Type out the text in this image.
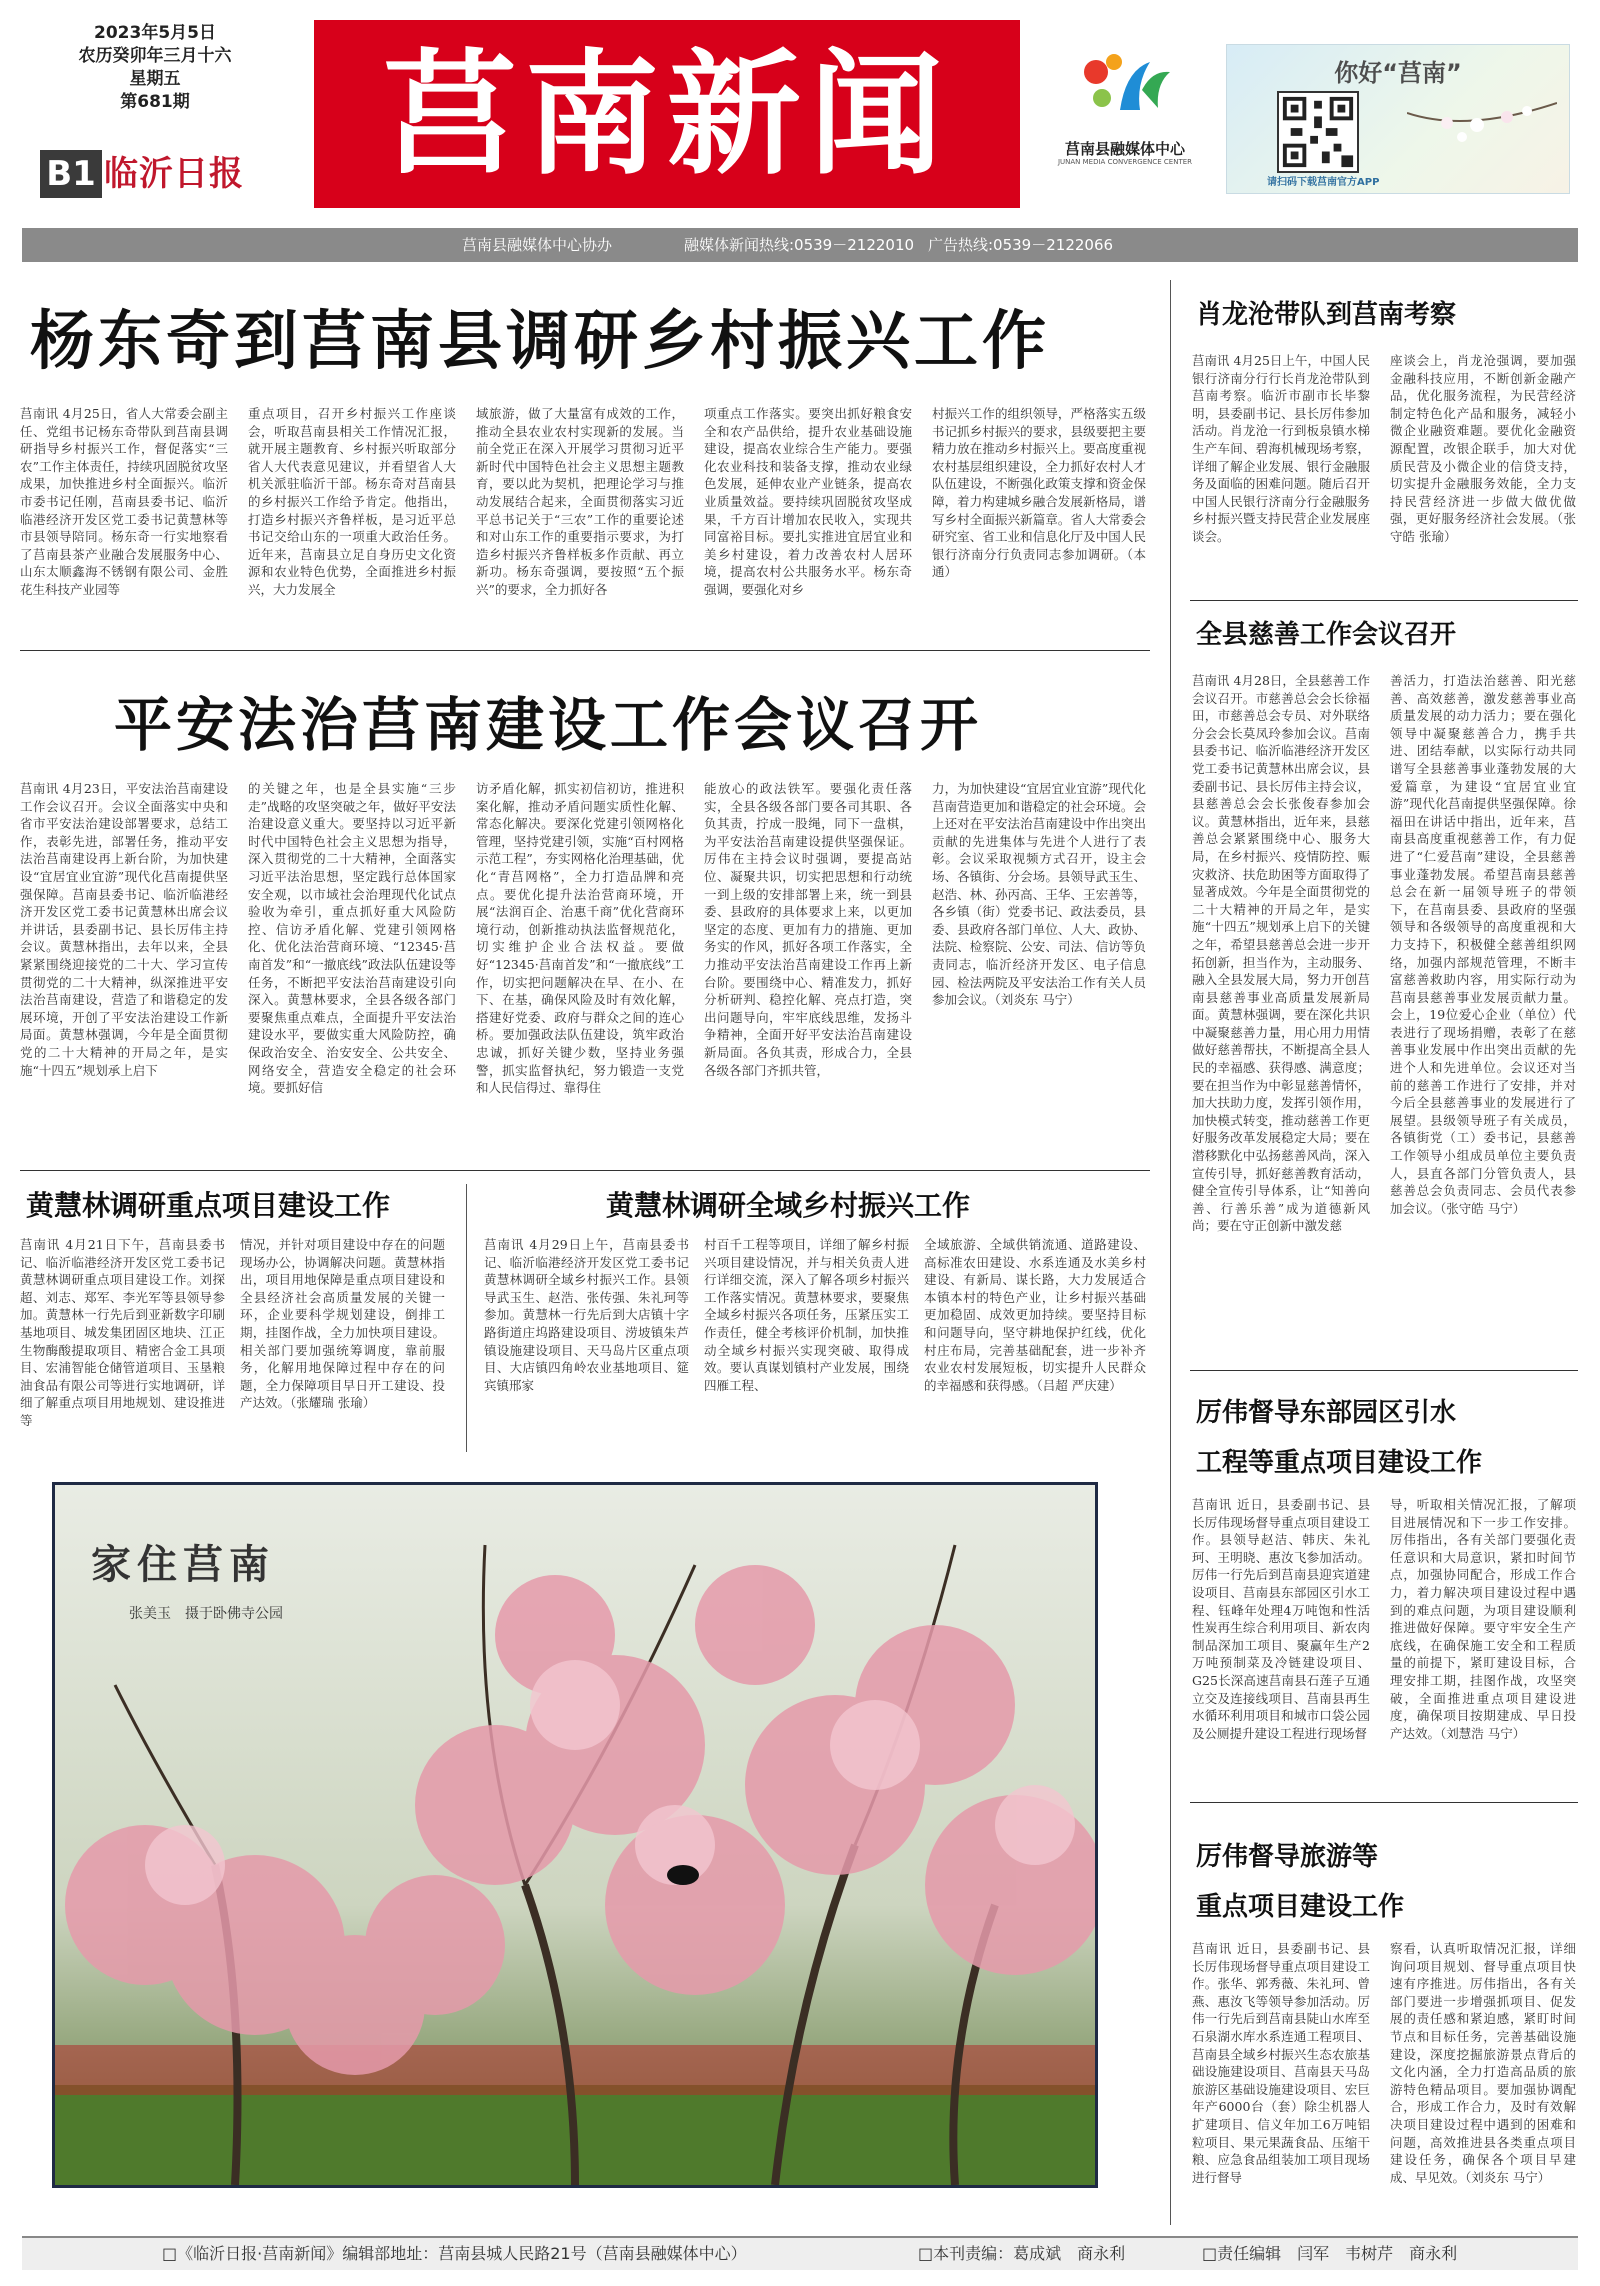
2023年5月5日
农历癸卯年三月十六
星期五
第681期
B1 临沂日报	莒南新闻	莒南县融媒体中心
JUNAN MEDIA CONVERGENCE CENTER
你好“莒南”
请扫码下载莒南官方APP
莒南县融媒体中心协办	融媒体新闻热线:0539－2122010 广告热线:0539－2122066
杨东奇到莒南县调研乡村振兴工作
莒南讯 4月25日，省人大常委会副主任、党组书记杨东奇带队到莒南县调研指导乡村振兴工作，督促落实“三农”工作主体责任，持续巩固脱贫攻坚成果，加快推进乡村全面振兴。临沂市委书记任刚，莒南县委书记、临沂临港经济开发区党工委书记黄慧林等市县领导陪同。杨东奇一行实地察看了莒南县茶产业融合发展服务中心、山东太顺鑫海不锈钢有限公司、金胜花生科技产业园等
重点项目，召开乡村振兴工作座谈会，听取莒南县相关工作情况汇报，就开展主题教育、乡村振兴听取部分省人大代表意见建议，并看望省人大机关派驻临沂干部。杨东奇对莒南县的乡村振兴工作给予肯定。他指出，打造乡村振兴齐鲁样板，是习近平总书记交给山东的一项重大政治任务。近年来，莒南县立足自身历史文化资源和农业特色优势，全面推进乡村振兴，大力发展全
域旅游，做了大量富有成效的工作，推动全县农业农村实现新的发展。当前全党正在深入开展学习贯彻习近平新时代中国特色社会主义思想主题教育，要以此为契机，把理论学习与推动发展结合起来，全面贯彻落实习近平总书记关于“三农”工作的重要论述和对山东工作的重要指示要求，为打造乡村振兴齐鲁样板多作贡献、再立新功。杨东奇强调，要按照“五个振兴”的要求，全力抓好各
项重点工作落实。要突出抓好粮食安全和农产品供给，提升农业基础设施建设，提高农业综合生产能力。要强化农业科技和装备支撑，推动农业绿色发展，延伸农业产业链条，提高农业质量效益。要持续巩固脱贫攻坚成果，千方百计增加农民收入，实现共同富裕目标。要扎实推进宜居宜业和美乡村建设，着力改善农村人居环境，提高农村公共服务水平。杨东奇强调，要强化对乡
村振兴工作的组织领导，严格落实五级书记抓乡村振兴的要求，县级要把主要精力放在推动乡村振兴上。要高度重视农村基层组织建设，全力抓好农村人才队伍建设，不断强化政策支撑和资金保障，着力构建城乡融合发展新格局，谱写乡村全面振兴新篇章。省人大常委会研究室、省工业和信息化厅及中国人民银行济南分行负责同志参加调研。（本通）
平安法治莒南建设工作会议召开
莒南讯 4月23日，平安法治莒南建设工作会议召开。会议全面落实中央和省市平安法治建设部署要求，总结工作，表彰先进，部署任务，推动平安法治莒南建设再上新台阶，为加快建设“宜居宜业宜游”现代化莒南提供坚强保障。莒南县委书记、临沂临港经济开发区党工委书记黄慧林出席会议并讲话，县委副书记、县长厉伟主持会议。黄慧林指出，去年以来，全县紧紧围绕迎接党的二十大、学习宣传贯彻党的二十大精神，纵深推进平安法治莒南建设，营造了和谐稳定的发展环境，开创了平安法治建设工作新局面。黄慧林强调，今年是全面贯彻党的二十大精神的开局之年，是实施“十四五”规划承上启下
的关键之年，也是全县实施“三步走”战略的攻坚突破之年，做好平安法治建设意义重大。要坚持以习近平新时代中国特色社会主义思想为指导，深入贯彻党的二十大精神，全面落实习近平法治思想，坚定践行总体国家安全观，以市域社会治理现代化试点验收为牵引，重点抓好重大风险防控、信访矛盾化解、党建引领网格化、优化法治营商环境、“12345·莒南首发”和“一撤底线”政法队伍建设等任务，不断把平安法治莒南建设引向深入。黄慧林要求，全县各级各部门要聚焦重点难点，全面提升平安法治建设水平，要做实重大风险防控，确保政治安全、治安安全、公共安全、网络安全，营造安全稳定的社会环境。要抓好信
访矛盾化解，抓实初信初访，推进积案化解，推动矛盾问题实质性化解、常态化解决。要深化党建引领网格化管理，坚持党建引领，实施“百村网格示范工程”，夯实网格化治理基础，优化“青莒网格”，全力打造品牌和亮点。要优化提升法治营商环境，开展“法润百企、治惠千商”优化营商环境行动，创新推动执法监督规范化，切实维护企业合法权益。要做好“12345·莒南首发”和“一撤底线”工作，切实把问题解决在早、在小、在下、在基，确保风险及时有效化解，搭建好党委、政府与群众之间的连心桥。要加强政法队伍建设，筑牢政治忠诚，抓好关键少数，坚持业务强警，抓实监督执纪，努力锻造一支党和人民信得过、靠得住
能放心的政法铁军。要强化责任落实，全县各级各部门要各司其职、各负其责，拧成一股绳，同下一盘棋，为平安法治莒南建设提供坚强保证。厉伟在主持会议时强调，要提高站位、凝聚共识，切实把思想和行动统一到上级的安排部署上来，统一到县委、县政府的具体要求上来，以更加坚定的态度、更加有力的措施、更加务实的作风，抓好各项工作落实，全力推动平安法治莒南建设工作再上新台阶。要围绕中心、精准发力，抓好分析研判、稳控化解、亮点打造，突出问题导向，牢牢底线思维，发扬斗争精神，全面开好平安法治莒南建设新局面。各负其责，形成合力，全县各级各部门齐抓共管，
力，为加快建设“宜居宜业宜游”现代化莒南营造更加和谐稳定的社会环境。会上还对在平安法治莒南建设中作出突出贡献的先进集体与先进个人进行了表彰。会议采取视频方式召开，设主会场、各镇街、分会场。县领导武玉生、赵浩、林、孙丙高、王华、王宏善等，各乡镇（街）党委书记、政法委员，县委、县政府各部门单位、人大、政协、法院、检察院、公安、司法、信访等负责同志，临沂经济开发区、电子信息园、检法两院及平安法治工作有关人员参加会议。（刘炎东 马宁）
黄慧林调研重点项目建设工作
莒南讯 4月21日下午，莒南县委书记、临沂临港经济开发区党工委书记黄慧林调研重点项目建设工作。刘探超、刘志、郑军、李光军等县领导参加。黄慧林一行先后到亚新数字印刷基地项目、城发集团固区地块、江正生物酶酸提取项目、精密合金工具项目、宏浦智能仓储管道项目、玉垦粮油食品有限公司等进行实地调研，详细了解重点项目用地规划、建设推进等
情况，并针对项目建设中存在的问题现场办公，协调解决问题。黄慧林指出，项目用地保障是重点项目建设和全县经济社会高质量发展的关键一环，企业要科学规划建设，倒排工期，挂图作战，全力加快项目建设。相关部门要加强统筹调度，靠前服务，化解用地保障过程中存在的问题，全力保障项目早日开工建设、投产达效。（张耀瑞 张瑜）
黄慧林调研全域乡村振兴工作
莒南讯 4月29日上午，莒南县委书记、临沂临港经济开发区党工委书记黄慧林调研全域乡村振兴工作。县领导武玉生、赵浩、张传强、朱礼珂等参加。黄慧林一行先后到大店镇十字路街道庄坞路建设项目、涝坡镇朱芦镇设施建设项目、天马岛片区重点项目、大店镇四角岭农业基地项目、筵宾镇邢家
村百千工程等项目，详细了解乡村振兴项目建设情况，并与相关负责人进行详细交流，深入了解各项乡村振兴工作落实情况。黄慧林要求，要聚焦全域乡村振兴各项任务，压紧压实工作责任，健全考核评价机制，加快推动全域乡村振兴实现突破、取得成效。要认真谋划镇村产业发展，围绕四雁工程、
全域旅游、全域供销流通、道路建设、高标准农田建设、水系连通及水美乡村建设、有新局、谋长路，大力发展适合本镇本村的特色产业，让乡村振兴基础更加稳固、成效更加持续。要坚持目标和问题导向，坚守耕地保护红线，优化村庄布局，完善基础配套，进一步补齐农业农村发展短板，切实提升人民群众的幸福感和获得感。（吕超 严庆建）
家住莒南
张美玉　摄于卧佛寺公园
肖龙沧带队到莒南考察
莒南讯 4月25日上午，中国人民银行济南分行行长肖龙沧带队到莒南考察。临沂市副市长毕黎明，县委副书记、县长厉伟参加活动。肖龙沧一行到板泉镇水梯生产车间、碧海机械现场考察，详细了解企业发展、银行金融服务及面临的困难问题。随后召开中国人民银行济南分行金融服务乡村振兴暨支持民营企业发展座谈会。
座谈会上，肖龙沧强调，要加强金融科技应用，不断创新金融产品，优化服务流程，为民营经济制定特色化产品和服务，减轻小微企业融资难题。要优化金融资源配置，改银企联手，加大对优质民营及小微企业的信贷支持，切实提升金融服务效能，全力支持民营经济进一步做大做优做强，更好服务经济社会发展。（张守皓 张瑜）
全县慈善工作会议召开
莒南讯 4月28日，全县慈善工作会议召开。市慈善总会会长徐福田，市慈善总会专员、对外联络分会会长莫凤玲参加会议。莒南县委书记、临沂临港经济开发区党工委书记黄慧林出席会议，县委副书记、县长厉伟主持会议，县慈善总会会长张俊春参加会议。黄慧林指出，近年来，县慈善总会紧紧围绕中心、服务大局，在乡村振兴、疫情防控、赈灾救济、扶危助困等方面取得了显著成效。今年是全面贯彻党的二十大精神的开局之年，是实施“十四五”规划承上启下的关键之年，希望县慈善总会进一步开拓创新，担当作为，主动服务、融入全县发展大局，努力开创莒南县慈善事业高质量发展新局面。黄慧林强调，要在深化共识中凝聚慈善力量，用心用力用情做好慈善帮扶，不断提高全县人民的幸福感、获得感、满意度；要在担当作为中彰显慈善情怀，加大扶助力度，发挥引领作用，加快模式转变，推动慈善工作更好服务改革发展稳定大局；要在潜移默化中弘扬慈善风尚，深入宣传引导，抓好慈善教育活动，健全宣传引导体系，让“知善向善、行善乐善”成为道德新风尚；要在守正创新中激发慈
善活力，打造法治慈善、阳光慈善、高效慈善，激发慈善事业高质量发展的动力活力；要在强化领导中凝聚慈善合力，携手共进、团结奉献，以实际行动共同谱写全县慈善事业蓬勃发展的大爱篇章，为建设“宜居宜业宜游”现代化莒南提供坚强保障。徐福田在讲话中指出，近年来，莒南县高度重视慈善工作，有力促进了“仁爱莒南”建设，全县慈善事业蓬勃发展。希望莒南县慈善总会在新一届领导班子的带领下，在莒南县委、县政府的坚强领导和各级领导的高度重视和大力支持下，积极健全慈善组织网络，加强内部规范管理，不断丰富慈善救助内容，用实际行动为莒南县慈善事业发展贡献力量。会上，19位爱心企业（单位）代表进行了现场捐赠，表彰了在慈善事业发展中作出突出贡献的先进个人和先进单位。会议还对当前的慈善工作进行了安排，并对今后全县慈善事业的发展进行了展望。县级领导班子有关成员，各镇街党（工）委书记，县慈善工作领导小组成员单位主要负责人，县直各部门分管负责人，县慈善总会负责同志、会员代表参加会议。（张守皓 马宁）
厉伟督导东部园区引水
工程等重点项目建设工作
莒南讯 近日，县委副书记、县长厉伟现场督导重点项目建设工作。县领导赵洁、韩庆、朱礼珂、王明晓、惠汝飞参加活动。厉伟一行先后到莒南县迎宾道建设项目、莒南县东部园区引水工程、钰峰年处理4万吨饱和性活性炭再生综合利用项目、新农肉制品深加工项目、聚赢年生产2万吨预制菜及冷链建设项目、G25长深高速莒南县石莲子互通立交及连接线项目、莒南县再生水循环利用项目和城市口袋公园及公厕提升建设工程进行现场督
导，听取相关情况汇报，了解项目进展情况和下一步工作安排。厉伟指出，各有关部门要强化责任意识和大局意识，紧扣时间节点，加强协同配合，形成工作合力，着力解决项目建设过程中遇到的难点问题，为项目建设顺利推进做好保障。要守牢安全生产底线，在确保施工安全和工程质量的前提下，紧盯建设目标，合理安排工期，挂图作战，攻坚突破，全面推进重点项目建设进度，确保项目按期建成、早日投产达效。（刘慧浩 马宁）
厉伟督导旅游等
重点项目建设工作
莒南讯 近日，县委副书记、县长厉伟现场督导重点项目建设工作。张华、郭秀薇、朱礼珂、曾燕、惠汝飞等领导参加活动。厉伟一行先后到莒南县陡山水库至石泉湖水库水系连通工程项目、莒南县全域乡村振兴生态农旅基础设施建设项目、莒南县天马岛旅游区基础设施建设项目、宏巨年产6000台（套）除尘机器人扩建项目、信义年加工6万吨铝粒项目、果元果蔬食品、压缩干粮、应急食品组装加工项目现场进行督导
察看，认真听取情况汇报，详细询问项目规划、督导重点项目快速有序推进。厉伟指出，各有关部门要进一步增强抓项目、促发展的责任感和紧迫感，紧盯时间节点和目标任务，完善基础设施建设，深度挖掘旅游景点背后的文化内涵，全力打造高品质的旅游特色精品项目。要加强协调配合，形成工作合力，及时有效解决项目建设过程中遇到的困难和问题，高效推进县各类重点项目建设任务，确保各个项目早建成、早见效。（刘炎东 马宁）
□《临沂日报·莒南新闻》编辑部地址：莒南县城人民路21号（莒南县融媒体中心）	□本刊责编：葛成斌　商永利	□责任编辑　闫军　韦树芹　商永利
